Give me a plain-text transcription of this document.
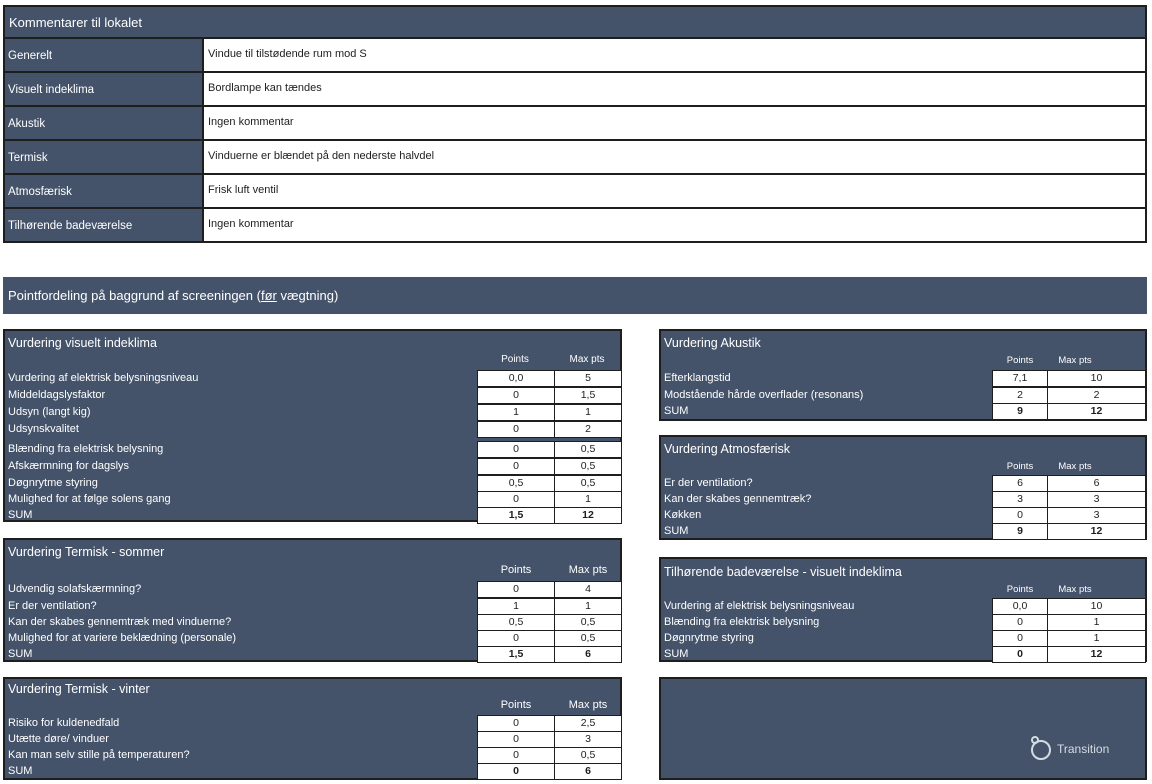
Kommentarer til lokalet
Generelt	Vindue til tilstødende rum mod S
Visuelt indeklima	Bordlampe kan tændes
Akustik	Ingen kommentar
Termisk	Vinduerne er blændet på den nederste halvdel
Atmosfærisk	Frisk luft ventil
Tilhørende badeværelse	Ingen kommentar
Pointfordeling på baggrund af screeningen (før vægtning)
Vurdering visuelt indeklima
Points	Max pts
Vurdering af elektrisk belysningsniveau	0,0	5
Middeldagslysfaktor	0	1,5
Udsyn (langt kig)	1	1
Udsynskvalitet	0	2
Blænding fra elektrisk belysning	0	0,5
Afskærmning for dagslys	0	0,5
Døgnrytme styring	0,5	0,5
Mulighed for at følge solens gang	0	1
SUM	1,5	12
Vurdering Termisk - sommer
Points	Max pts
Udvendig solafskærmning?	0	4
Er der ventilation?	1	1
Kan der skabes gennemtræk med vinduerne?	0,5	0,5
Mulighed for at variere beklædning (personale)	0	0,5
SUM	1,5	6
Vurdering Termisk - vinter
Points	Max pts
Risiko for kuldenedfald	0	2,5
Utætte døre/ vinduer	0	3
Kan man selv stille på temperaturen?	0	0,5
SUM	0	6
Vurdering Akustik
Points	Max pts
Efterklangstid	7,1	10
Modstående hårde overflader (resonans)	2	2
SUM	9	12
Vurdering Atmosfærisk
Points	Max pts
Er der ventilation?	6	6
Kan der skabes gennemtræk?	3	3
Køkken	0	3
SUM	9	12
Tilhørende badeværelse - visuelt indeklima
Points	Max pts
Vurdering af elektrisk belysningsniveau	0,0	10
Blænding fra elektrisk belysning	0	1
Døgnrytme styring	0	1
SUM	0	12
Transition
